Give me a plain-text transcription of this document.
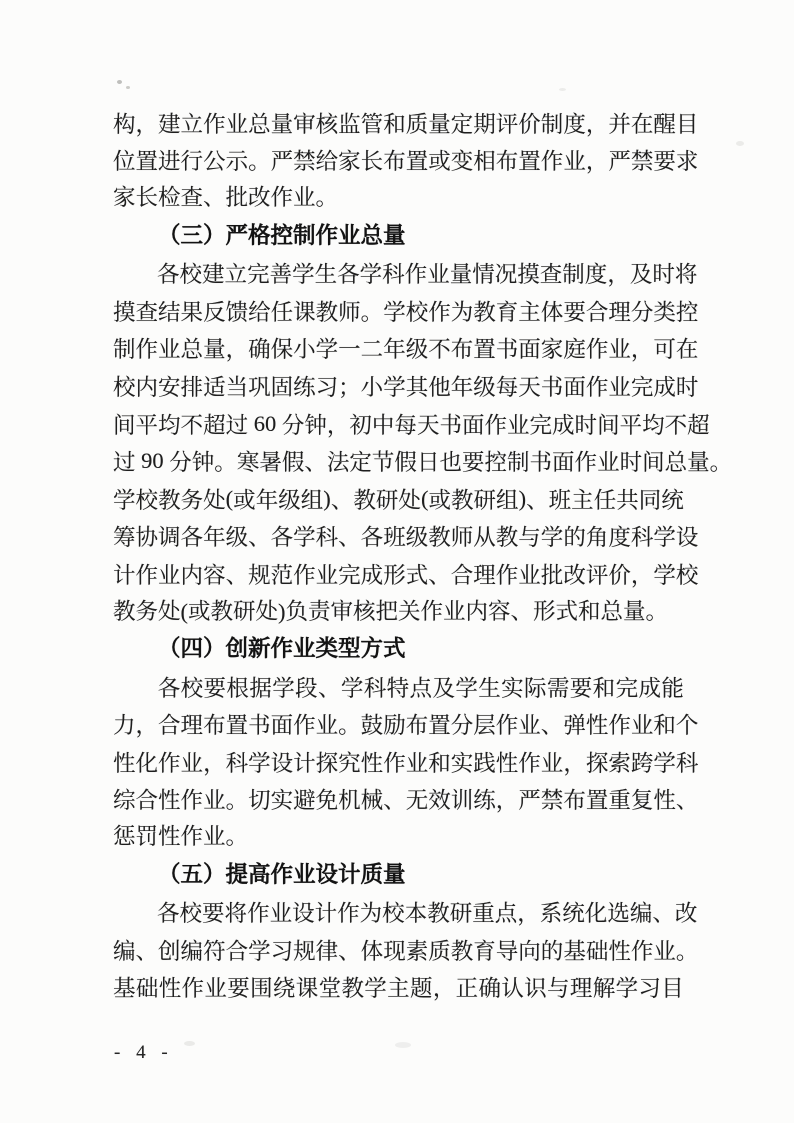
构 ， 建 立 作 业 总 量 审 核 监 管 和 质 量 定 期 评 价 制 度 ， 并 在 醒 目
位 置 进 行 公 示 。 严 禁 给 家 长 布 置 或 变 相 布 置 作 业 ， 严 禁 要 求
家长检查、批改作业。
（三）严格控制作业总量
各 校 建 立 完 善 学 生 各 学 科 作 业 量 情 况 摸 查 制 度 ， 及 时 将
摸 查 结 果 反 馈 给 任 课 教 师 。 学 校 作 为 教 育 主 体 要 合 理 分 类 控
制 作 业 总 量 ， 确 保 小 学 一 二 年 级 不 布 置 书 面 家 庭 作 业 ， 可 在
校 内 安 排 适 当 巩 固 练 习 ； 小 学 其 他 年 级 每 天 书 面 作 业 完 成 时
间 平 均 不 超 过
6 0
分 钟 ， 初 中 每 天 书 面 作 业 完 成 时 间 平 均 不 超
过
9 0
分 钟 。 寒 暑 假 、 法 定 节 假 日 也 要 控 制 书 面 作 业 时 间 总 量 。
学 校 教 务 处 ( 或 年 级 组 ) 、 教 研 处 ( 或 教 研 组 ) 、 班 主 任 共 同 统
筹 协 调 各 年 级 、 各 学 科 、 各 班 级 教 师 从 教 与 学 的 角 度 科 学 设
计 作 业 内 容 、 规 范 作 业 完 成 形 式 、 合 理 作 业 批 改 评 价 ， 学 校
教务处(或教研处)负责审核把关作业内容、形式和总量。
（四）创新作业类型方式
各 校 要 根 据 学 段 、 学 科 特 点 及 学 生 实 际 需 要 和 完 成 能
力 ， 合 理 布 置 书 面 作 业 。 鼓 励 布 置 分 层 作 业 、 弹 性 作 业 和 个
性 化 作 业 ， 科 学 设 计 探 究 性 作 业 和 实 践 性 作 业 ， 探 索 跨 学 科
综 合 性 作 业 。 切 实 避 免 机 械 、 无 效 训 练 ， 严 禁 布 置 重 复 性 、
惩罚性作业。
（五）提高作业设计质量
各 校 要 将 作 业 设 计 作 为 校 本 教 研 重 点 ， 系 统 化 选 编 、 改
编 、 创 编 符 合 学 习 规 律 、 体 现 素 质 教 育 导 向 的 基 础 性 作 业 。
基 础 性 作 业 要 围 绕 课 堂 教 学 主 题 ， 正 确 认 识 与 理 解 学 习 目
- 4 -
